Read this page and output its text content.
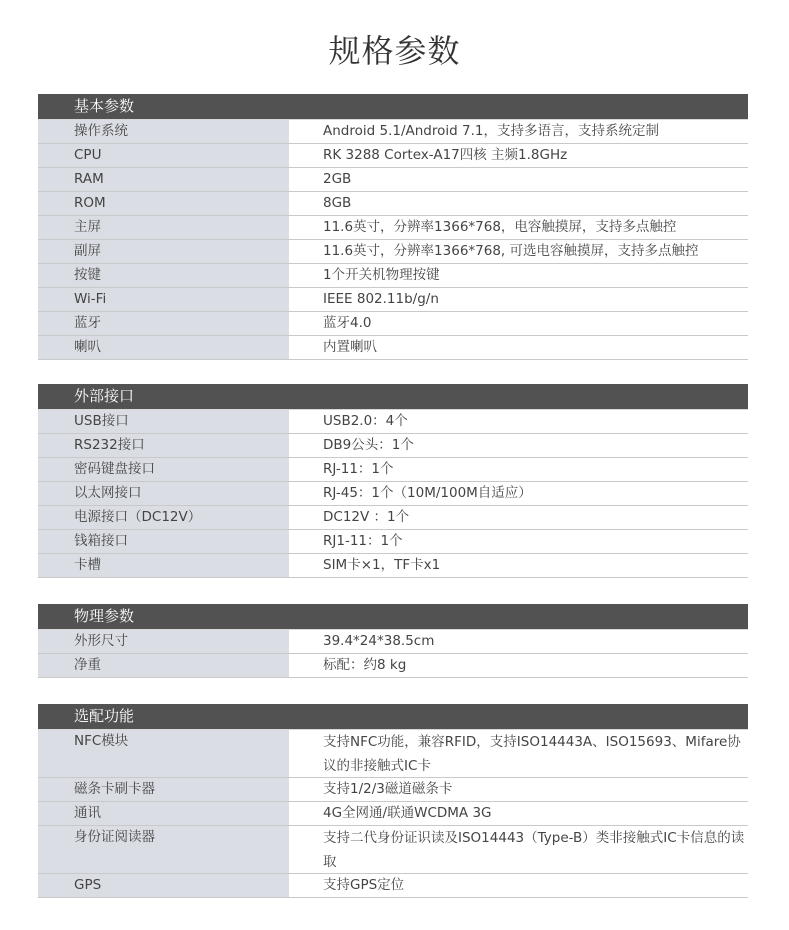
规格参数
基本参数
操作系统	Android 5.1/Android 7.1，支持多语言，支持系统定制
CPU	RK 3288 Cortex-A17四核 主频1.8GHz
RAM	2GB
ROM	8GB
主屏	11.6英寸，分辨率1366*768，电容触摸屏，支持多点触控
副屏	11.6英寸，分辨率1366*768, 可选电容触摸屏，支持多点触控
按键	1个开关机物理按键
Wi-Fi	IEEE 802.11b/g/n
蓝牙	蓝牙4.0
喇叭	内置喇叭
外部接口
USB接口	USB2.0：4个
RS232接口	DB9公头：1个
密码键盘接口	RJ-11：1个
以太网接口	RJ-45：1个（10M/100M自适应）
电源接口（DC12V）	DC12V ：1个
钱箱接口	RJ1-11：1个
卡槽	SIM卡×1，TF卡x1
物理参数
外形尺寸	39.4*24*38.5cm
净重	标配：约8 kg
选配功能
NFC模块	支持NFC功能，兼容RFID，支持ISO14443A、ISO15693、Mifare协议的非接触式IC卡
磁条卡刷卡器	支持1/2/3磁道磁条卡
通讯	4G全网通/联通WCDMA 3G
身份证阅读器	支持二代身份证识读及ISO14443（Type-B）类非接触式IC卡信息的读取
GPS	支持GPS定位
